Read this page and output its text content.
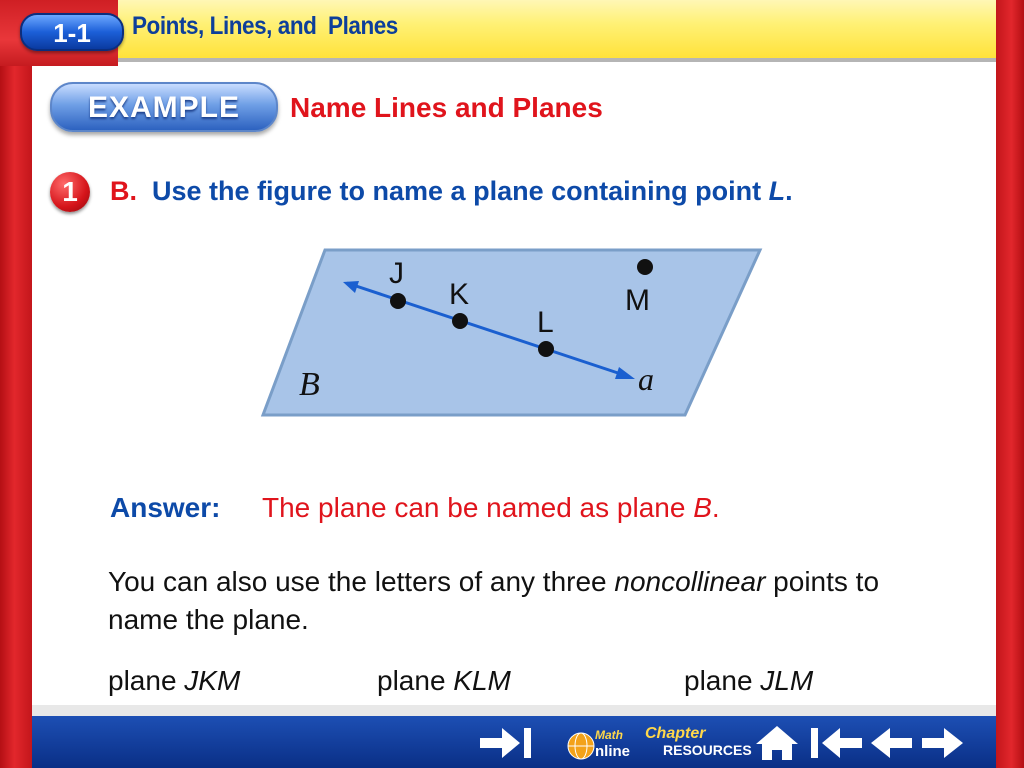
Points, Lines, and  Planes
1-1
EXAMPLE	Name Lines and Planes
1	B. Use the figure to name a plane containing point L.
J
K
L
M
a
B
Answer: The plane can be named as plane B.
You can also use the letters of any three noncollinear points to name the plane.
plane JKM	plane KLM	plane JLM
Math
nline
Chapter
RESOURCES
